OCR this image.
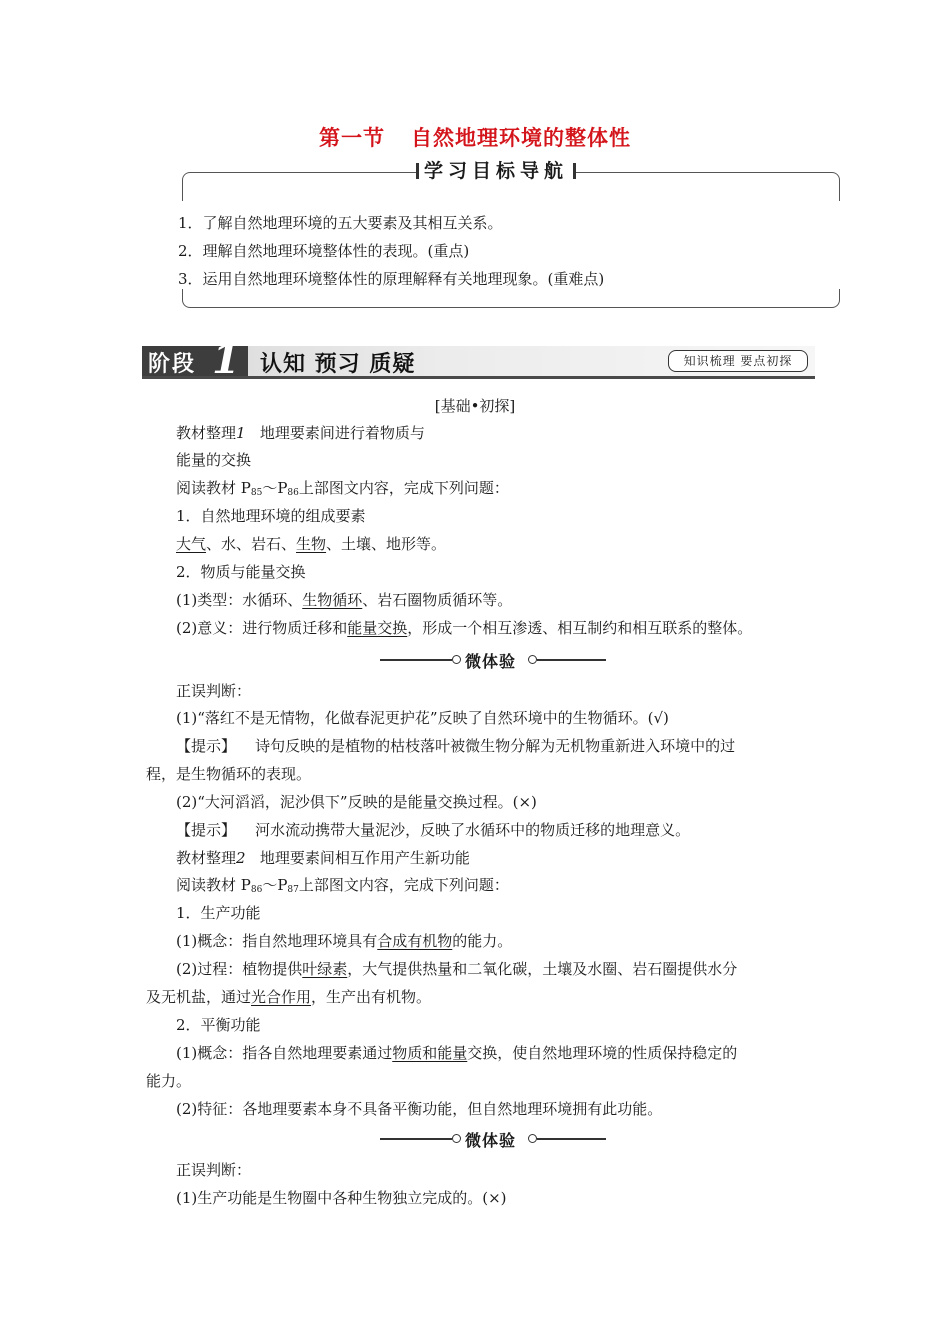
第一节 自然地理环境的整体性
学习目标导航
1．了解自然地理环境的五大要素及其相互关系。
2．理解自然地理环境整体性的表现。(重点)
3．运用自然地理环境整体性的原理解释有关地理现象。(重难点)
阶段 1 认知 预习 质疑	知识梳理 要点初探
[基础•初探]
教材整理1 地理要素间进行着物质与
能量的交换
阅读教材 $P_{85}\sim P_{86}$上部图文内容，完成下列问题：
1．自然地理环境的组成要素
大气、水、岩石、生物、土壤、地形等。
2．物质与能量交换
(1)类型：水循环、生物循环、岩石圈物质循环等。
(2)意义：进行物质迁移和能量交换，形成一个相互渗透、相互制约和相互联系的整体。
微体验
正误判断：
(1)“落红不是无情物，化做春泥更护花”反映了自然环境中的生物循环。(√)
【提示】 诗句反映的是植物的枯枝落叶被微生物分解为无机物重新进入环境中的过
程，是生物循环的表现。
(2)“大河滔滔，泥沙俱下”反映的是能量交换过程。(×)
【提示】 河水流动携带大量泥沙，反映了水循环中的物质迁移的地理意义。
教材整理2 地理要素间相互作用产生新功能
阅读教材 $P_{86}\sim P_{87}$上部图文内容，完成下列问题：
1．生产功能
(1)概念：指自然地理环境具有合成有机物的能力。
(2)过程：植物提供叶绿素，大气提供热量和二氧化碳，土壤及水圈、岩石圈提供水分
及无机盐，通过光合作用，生产出有机物。
2．平衡功能
(1)概念：指各自然地理要素通过物质和能量交换，使自然地理环境的性质保持稳定的
能力。
(2)特征：各地理要素本身不具备平衡功能，但自然地理环境拥有此功能。
微体验
正误判断：
(1)生产功能是生物圈中各种生物独立完成的。(×)
